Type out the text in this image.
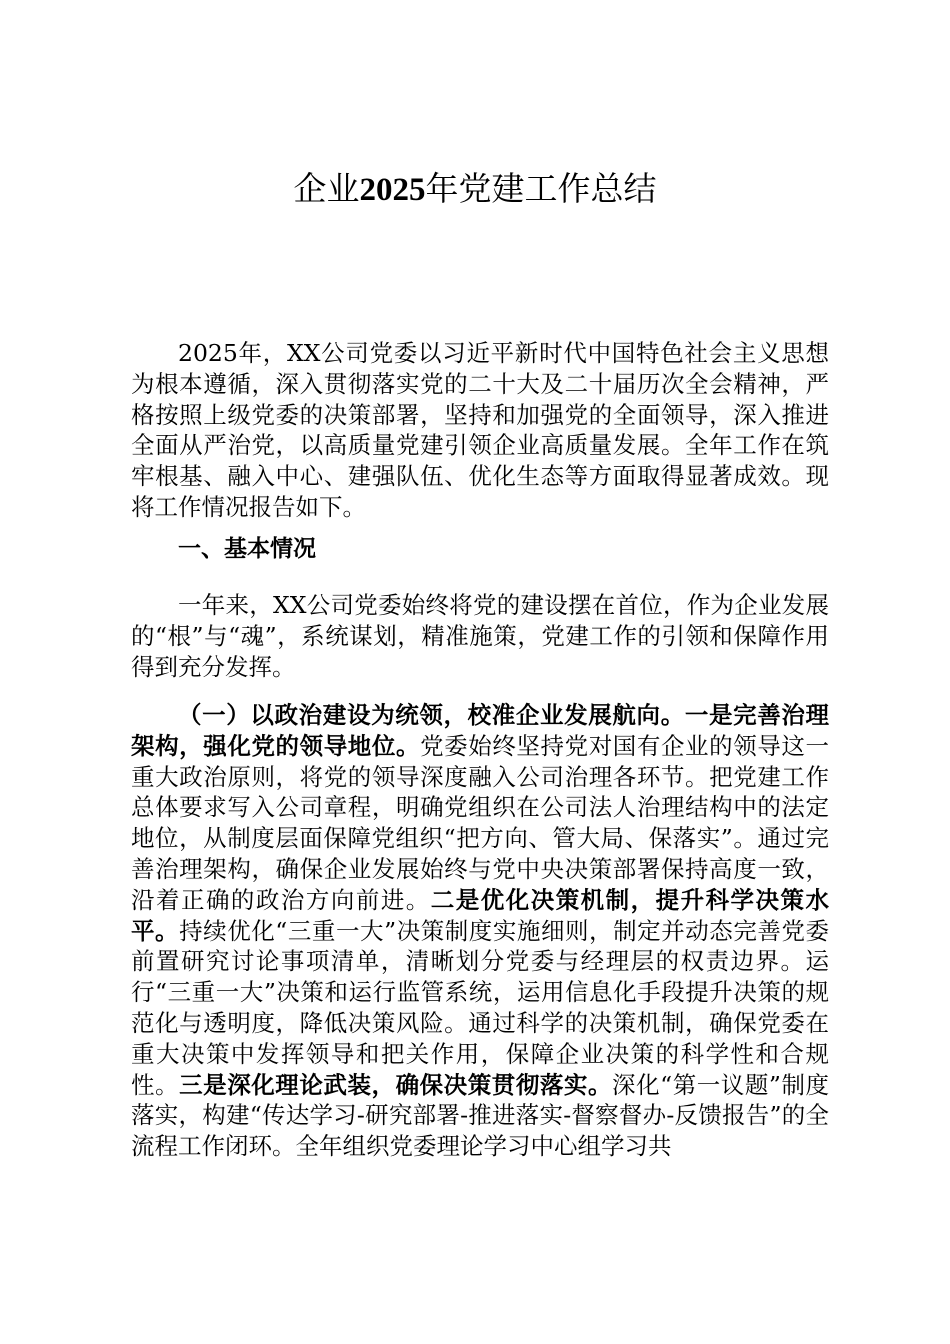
企业2025年党建工作总结
2025年，XX公司党委以习近平新时代中国特色社会主义思想为根本遵循，深入贯彻落实党的二十大及二十届历次全会精神，严格按照上级党委的决策部署，坚持和加强党的全面领导，深入推进全面从严治党，以高质量党建引领企业高质量发展。全年工作在筑牢根基、融入中心、建强队伍、优化生态等方面取得显著成效。现将工作情况报告如下。
一、基本情况
一年来，XX公司党委始终将党的建设摆在首位，作为企业发展的“根”与“魂”，系统谋划，精准施策，党建工作的引领和保障作用得到充分发挥。
（一）以政治建设为统领，校准企业发展航向。一是完善治理架构，强化党的领导地位。党委始终坚持党对国有企业的领导这一重大政治原则，将党的领导深度融入公司治理各环节。把党建工作总体要求写入公司章程，明确党组织在公司法人治理结构中的法定地位，从制度层面保障党组织“把方向、管大局、保落实”。通过完善治理架构，确保企业发展始终与党中央决策部署保持高度一致，沿着正确的政治方向前进。二是优化决策机制，提升科学决策水平。持续优化“三重一大”决策制度实施细则，制定并动态完善党委前置研究讨论事项清单，清晰划分党委与经理层的权责边界。运行“三重一大”决策和运行监管系统，运用信息化手段提升决策的规范化与透明度，降低决策风险。通过科学的决策机制，确保党委在重大决策中发挥领导和把关作用，保障企业决策的科学性和合规性。三是深化理论武装，确保决策贯彻落实。深化“第一议题”制度落实，构建“传达学习-研究部署-推进落实-督察督办-反馈报告”的全流程工作闭环。全年组织党委理论学习中心组学习共
